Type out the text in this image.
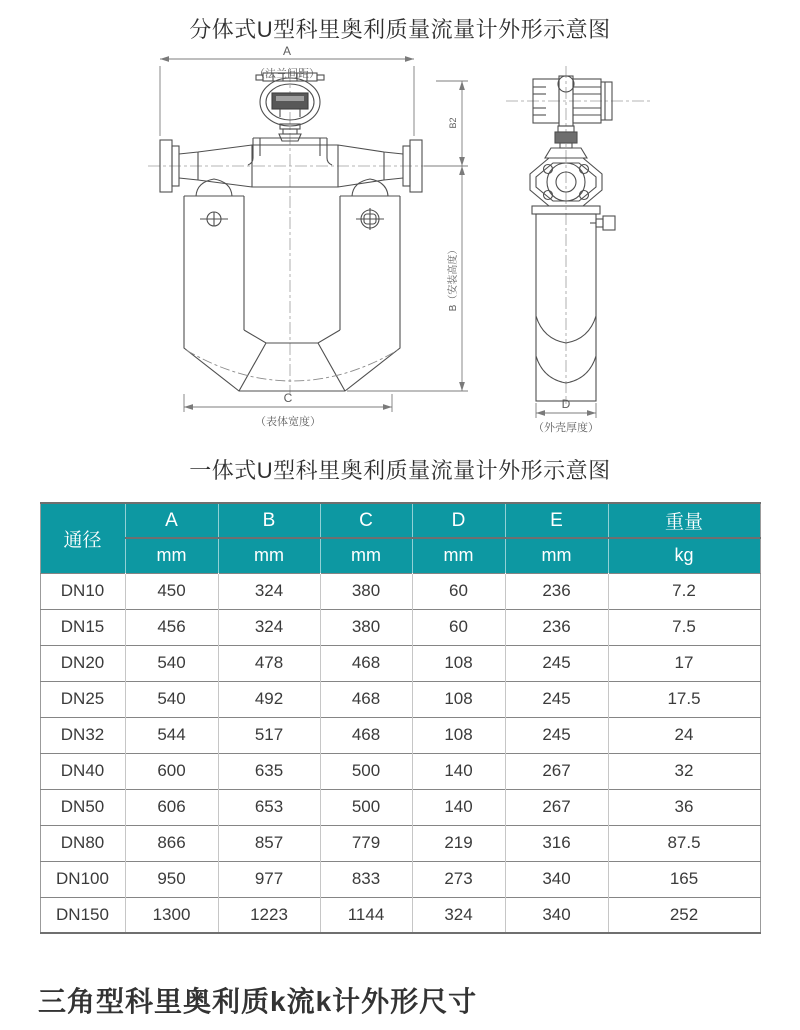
分体式U型科里奥利质量流量计外形示意图
A
（法兰间距）
C
（表体宽度）
B2
B（安装高度）
D
（外壳厚度）
一体式U型科里奥利质量流量计外形示意图
通径	A	B	C	D	E	重量
	mm	mm	mm	mm	mm	kg
DN10	450	324	380	60	236	7.2
DN15	456	324	380	60	236	7.5
DN20	540	478	468	108	245	17
DN25	540	492	468	108	245	17.5
DN32	544	517	468	108	245	24
DN40	600	635	500	140	267	32
DN50	606	653	500	140	267	36
DN80	866	857	779	219	316	87.5
DN100	950	977	833	273	340	165
DN150	1300	1223	1144	324	340	252
三角型科里奥利质k流k计外形尺寸
